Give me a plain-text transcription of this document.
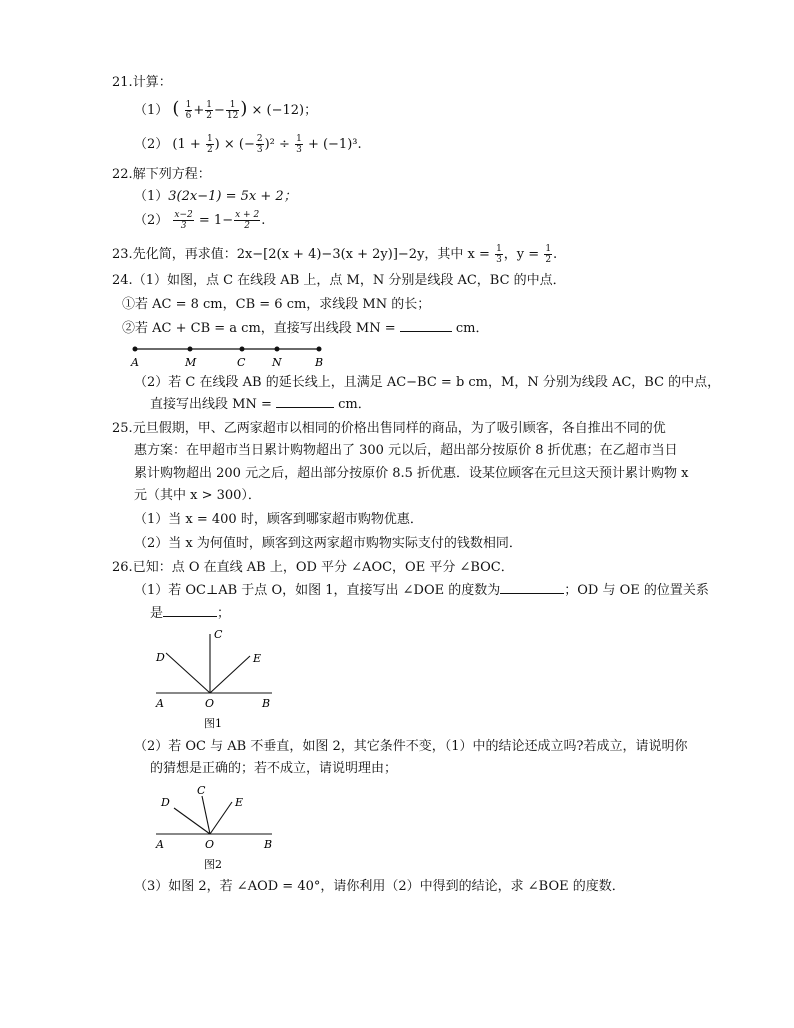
21.计算：
（1） ( $\frac{1}{6} + \frac{1}{2} - \frac{1}{12}$ ) × (−12)；
（2） ($1 + \frac{1}{2}$ ) × (− $\frac{2}{3} )^2 \div \frac{1}{3} + (-1)^3$.
22.解下列方程：
（1）3(2x−1) = 5x + 2；
$(2) \frac{x-2}{3} = 1- \frac{x + 2}{2}$ .
23.先化简，再求值：2x−[2(x + 4)−3(x + 2y)]−2y，其中 $x = \frac{1}{3}$ ，$y = \frac{1}{2}$ .
24.（1）如图，点 C 在线段 AB 上，点 M，N 分别是线段 AC，BC 的中点．
①若 AC = 8 cm，CB = 6 cm，求线段 MN 的长；
②若 AC + CB = a cm，直接写出线段 MN =	cm．
A	M	C N	B
（2）若 C 在线段 AB 的延长线上，且满足 AC−BC = b cm，M，N 分别为线段 AC，BC 的中点，
直接写出线段 MN =	cm．
25.元旦假期，甲、乙两家超市以相同的价格出售同样的商品，为了吸引顾客，各自推出不同的优
惠方案：在甲超市当日累计购物超出了 300 元以后，超出部分按原价 8 折优惠；在乙超市当日
累计购物超出 200 元之后，超出部分按原价 8.5 折优惠．设某位顾客在元旦这天预计累计购物 x
元（其中 x > 300）．
（1）当 x = 400 时，顾客到哪家超市购物优惠．
（2）当 x 为何值时，顾客到这两家超市购物实际支付的钱数相同．
26.已知：点 O 在直线 AB 上，OD 平分 ∠AOC，OE 平分 ∠BOC．
（1）若 OC⊥AB 于点 O，如图 1，直接写出 ∠DOE 的度数为	；OD 与 OE 的位置关系
是	；
C
D	E
A	O	B
图1
（2）若 OC 与 AB 不垂直，如图 2，其它条件不变，（1）中的结论还成立吗?若成立，请说明你
的猜想是正确的；若不成立，请说明理由；
C
D	E
A	O	B
图2
（3）如图 2，若 ∠AOD = 40°，请你利用（2）中得到的结论，求 ∠BOE 的度数．
